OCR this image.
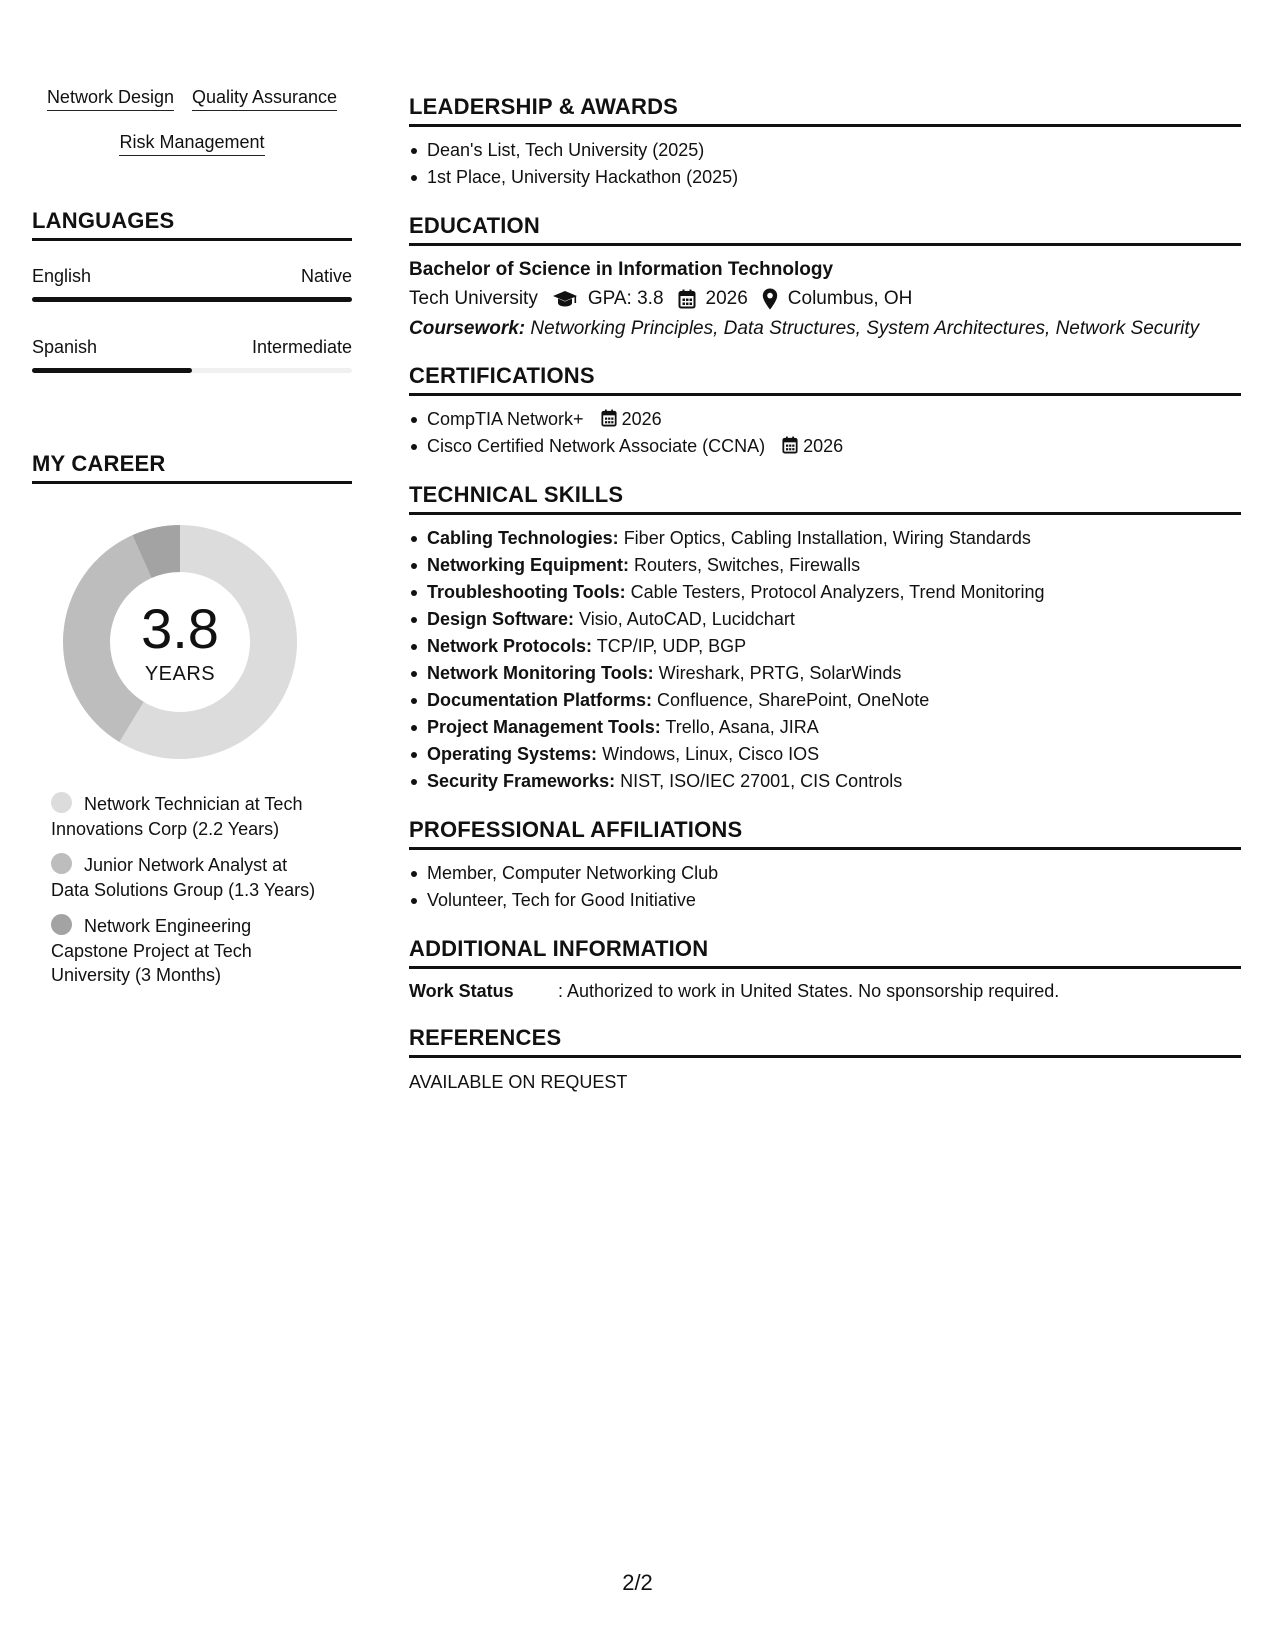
Network Design Quality Assurance
Risk Management
LANGUAGES
English	Native
Spanish	Intermediate
MY CAREER
3.8
YEARS
Network Technician at Tech Innovations Corp (2.2 Years)
Junior Network Analyst at Data Solutions Group (1.3 Years)
Network Engineering Capstone Project at Tech University (3 Months)
LEADERSHIP & AWARDS
Dean's List, Tech University (2025)
1st Place, University Hackathon (2025)
EDUCATION
Bachelor of Science in Information Technology
Tech University	GPA: 3.8 2026 Columbus, OH
Coursework: Networking Principles, Data Structures, System Architectures, Network Security
CERTIFICATIONS
CompTIA Network+ 2026
Cisco Certified Network Associate (CCNA) 2026
TECHNICAL SKILLS
Cabling Technologies: Fiber Optics, Cabling Installation, Wiring Standards
Networking Equipment: Routers, Switches, Firewalls
Troubleshooting Tools: Cable Testers, Protocol Analyzers, Trend Monitoring
Design Software: Visio, AutoCAD, Lucidchart
Network Protocols: TCP/IP, UDP, BGP
Network Monitoring Tools: Wireshark, PRTG, SolarWinds
Documentation Platforms: Confluence, SharePoint, OneNote
Project Management Tools: Trello, Asana, JIRA
Operating Systems: Windows, Linux, Cisco IOS
Security Frameworks: NIST, ISO/IEC 27001, CIS Controls
PROFESSIONAL AFFILIATIONS
Member, Computer Networking Club
Volunteer, Tech for Good Initiative
ADDITIONAL INFORMATION
Work Status	: Authorized to work in United States. No sponsorship required.
REFERENCES
AVAILABLE ON REQUEST
2/2
